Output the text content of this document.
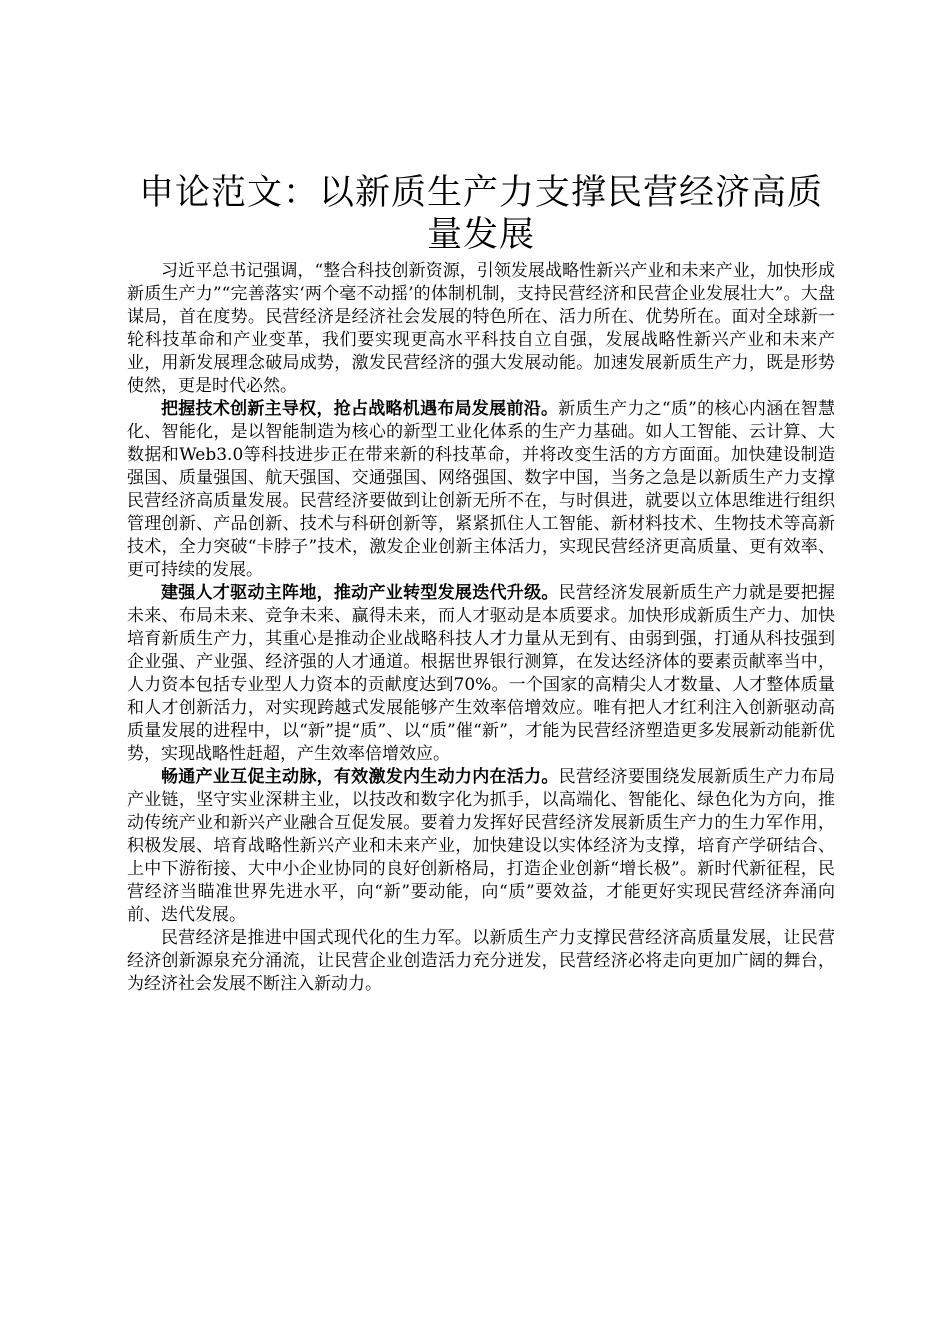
申论范文：以新质生产力支撑民营经济高质量发展

习近平总书记强调，“整合科技创新资源，引领发展战略性新兴产业和未来产业，加快形成新质生产力”“完善落实‘两个毫不动摇’的体制机制，支持民营经济和民营企业发展壮大”。大盘谋局，首在度势。民营经济是经济社会发展的特色所在、活力所在、优势所在。面对全球新一轮科技革命和产业变革，我们要实现更高水平科技自立自强，发展战略性新兴产业和未来产业，用新发展理念破局成势，激发民营经济的强大发展动能。加速发展新质生产力，既是形势使然，更是时代必然。

把握技术创新主导权，抢占战略机遇布局发展前沿。新质生产力之“质”的核心内涵在智慧化、智能化，是以智能制造为核心的新型工业化体系的生产力基础。如人工智能、云计算、大数据和Web3.0等科技进步正在带来新的科技革命，并将改变生活的方方面面。加快建设制造强国、质量强国、航天强国、交通强国、网络强国、数字中国，当务之急是以新质生产力支撑民营经济高质量发展。民营经济要做到让创新无所不在，与时俱进，就要以立体思维进行组织管理创新、产品创新、技术与科研创新等，紧紧抓住人工智能、新材料技术、生物技术等高新技术，全力突破“卡脖子”技术，激发企业创新主体活力，实现民营经济更高质量、更有效率、更可持续的发展。

建强人才驱动主阵地，推动产业转型发展迭代升级。民营经济发展新质生产力就是要把握未来、布局未来、竞争未来、赢得未来，而人才驱动是本质要求。加快形成新质生产力、加快培育新质生产力，其重心是推动企业战略科技人才力量从无到有、由弱到强，打通从科技强到企业强、产业强、经济强的人才通道。根据世界银行测算，在发达经济体的要素贡献率当中，人力资本包括专业型人力资本的贡献度达到70%。一个国家的高精尖人才数量、人才整体质量和人才创新活力，对实现跨越式发展能够产生效率倍增效应。唯有把人才红利注入创新驱动高质量发展的进程中，以“新”提“质”、以“质”催“新”，才能为民营经济塑造更多发展新动能新优势，实现战略性赶超，产生效率倍增效应。

畅通产业互促主动脉，有效激发内生动力内在活力。民营经济要围绕发展新质生产力布局产业链，坚守实业深耕主业，以技改和数字化为抓手，以高端化、智能化、绿色化为方向，推动传统产业和新兴产业融合互促发展。要着力发挥好民营经济发展新质生产力的生力军作用，积极发展、培育战略性新兴产业和未来产业，加快建设以实体经济为支撑，培育产学研结合、上中下游衔接、大中小企业协同的良好创新格局，打造企业创新“增长极”。新时代新征程，民营经济当瞄准世界先进水平，向“新”要动能，向“质”要效益，才能更好实现民营经济奔涌向前、迭代发展。

民营经济是推进中国式现代化的生力军。以新质生产力支撑民营经济高质量发展，让民营经济创新源泉充分涌流，让民营企业创造活力充分迸发，民营经济必将走向更加广阔的舞台，为经济社会发展不断注入新动力。
